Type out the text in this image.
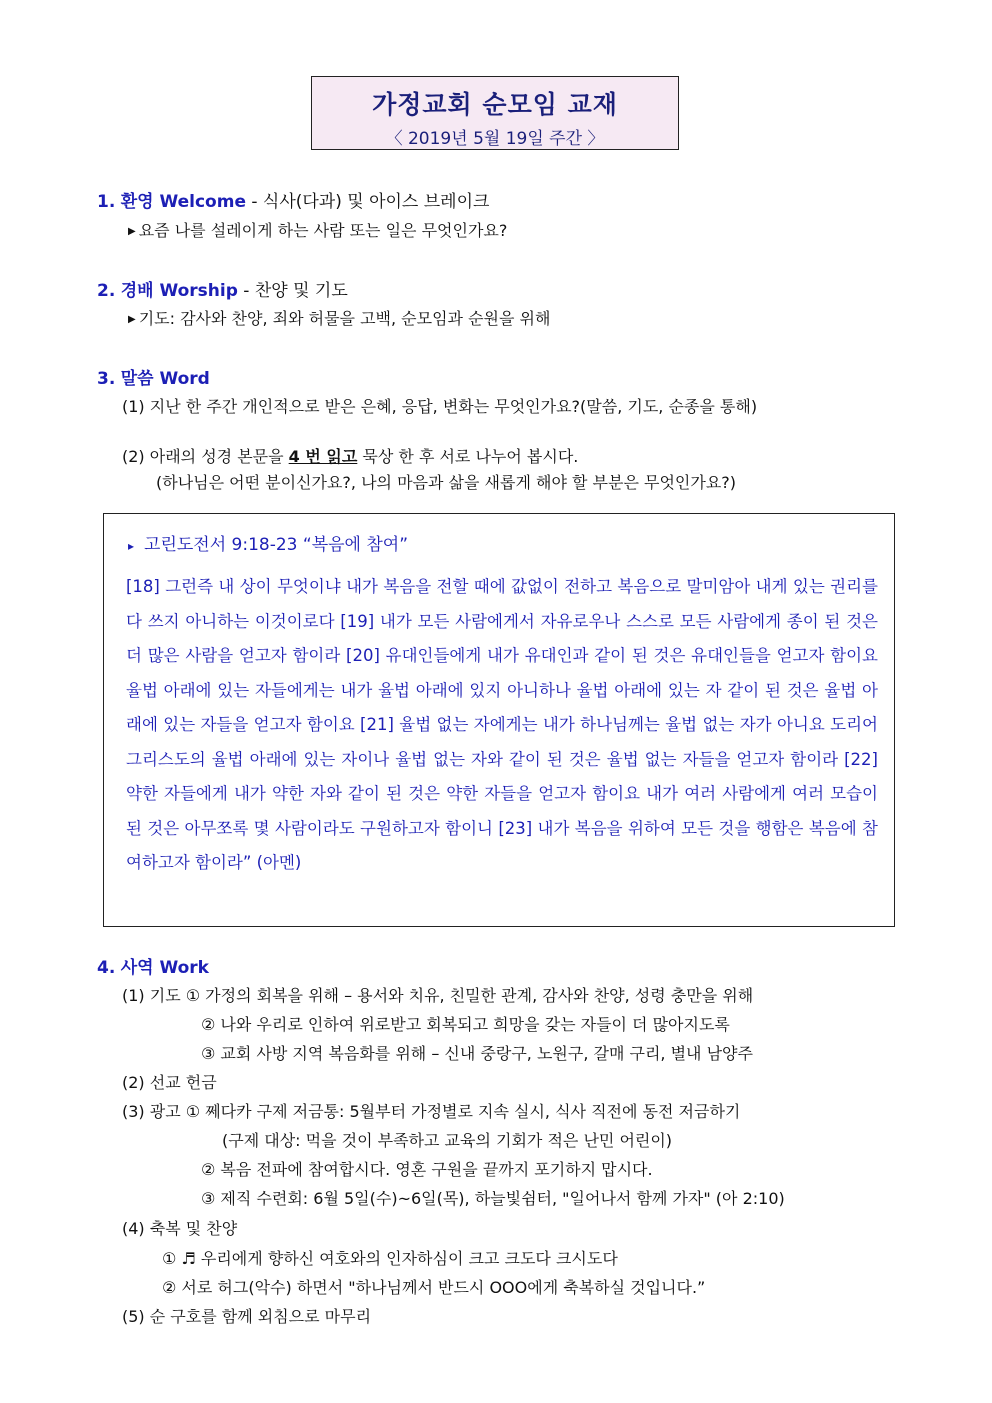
가정교회 순모임 교재
〈 2019년 5월 19일 주간 〉
1. 환영 Welcome - 식사(다과) 및 아이스 브레이크
▶ 요즘 나를 설레이게 하는 사람 또는 일은 무엇인가요?
2. 경배 Worship - 찬양 및 기도
▶ 기도: 감사와 찬양, 죄와 허물을 고백, 순모임과 순원을 위해
3. 말씀 Word
(1) 지난 한 주간 개인적으로 받은 은혜, 응답, 변화는 무엇인가요?(말씀, 기도, 순종을 통해)
(2) 아래의 성경 본문을 4 번 읽고 묵상 한 후 서로 나누어 봅시다.
(하나님은 어떤 분이신가요?, 나의 마음과 삶을 새롭게 해야 할 부분은 무엇인가요?)
▸ 고린도전서 9:18-23 “복음에 참여”
[18] 그런즉 내 상이 무엇이냐 내가 복음을 전할 때에 값없이 전하고 복음으로 말미암아 내게 있는 권리를 다 쓰지 아니하는 이것이로다 [19] 내가 모든 사람에게서 자유로우나 스스로 모든 사람에게 종이 된 것은 더 많은 사람을 얻고자 함이라 [20] 유대인들에게 내가 유대인과 같이 된 것은 유대인들을 얻고자 함이요 율법 아래에 있는 자들에게는 내가 율법 아래에 있지 아니하나 율법 아래에 있는 자 같이 된 것은 율법 아래에 있는 자들을 얻고자 함이요 [21] 율법 없는 자에게는 내가 하나님께는 율법 없는 자가 아니요 도리어 그리스도의 율법 아래에 있는 자이나 율법 없는 자와 같이 된 것은 율법 없는 자들을 얻고자 함이라 [22] 약한 자들에게 내가 약한 자와 같이 된 것은 약한 자들을 얻고자 함이요 내가 여러 사람에게 여러 모습이 된 것은 아무쪼록 몇 사람이라도 구원하고자 함이니 [23] 내가 복음을 위하여 모든 것을 행함은 복음에 참여하고자 함이라” (아멘)
4. 사역 Work
(1) 기도 ① 가정의 회복을 위해 – 용서와 치유, 친밀한 관계, 감사와 찬양, 성령 충만을 위해
② 나와 우리로 인하여 위로받고 회복되고 희망을 갖는 자들이 더 많아지도록
③ 교회 사방 지역 복음화를 위해 – 신내 중랑구, 노원구, 갈매 구리, 별내 남양주
(2) 선교 헌금
(3) 광고 ① 쩨다카 구제 저금통: 5월부터 가정별로 지속 실시, 식사 직전에 동전 저금하기
(구제 대상: 먹을 것이 부족하고 교육의 기회가 적은 난민 어린이)
② 복음 전파에 참여합시다. 영혼 구원을 끝까지 포기하지 맙시다.
③ 제직 수련회: 6월 5일(수)~6일(목), 하늘빛쉼터, "일어나서 함께 가자" (아 2:10)
(4) 축복 및 찬양
① ♬ 우리에게 향하신 여호와의 인자하심이 크고 크도다 크시도다
② 서로 허그(악수) 하면서 "하나님께서 반드시 OOO에게 축복하실 것입니다.”
(5) 순 구호를 함께 외침으로 마무리
